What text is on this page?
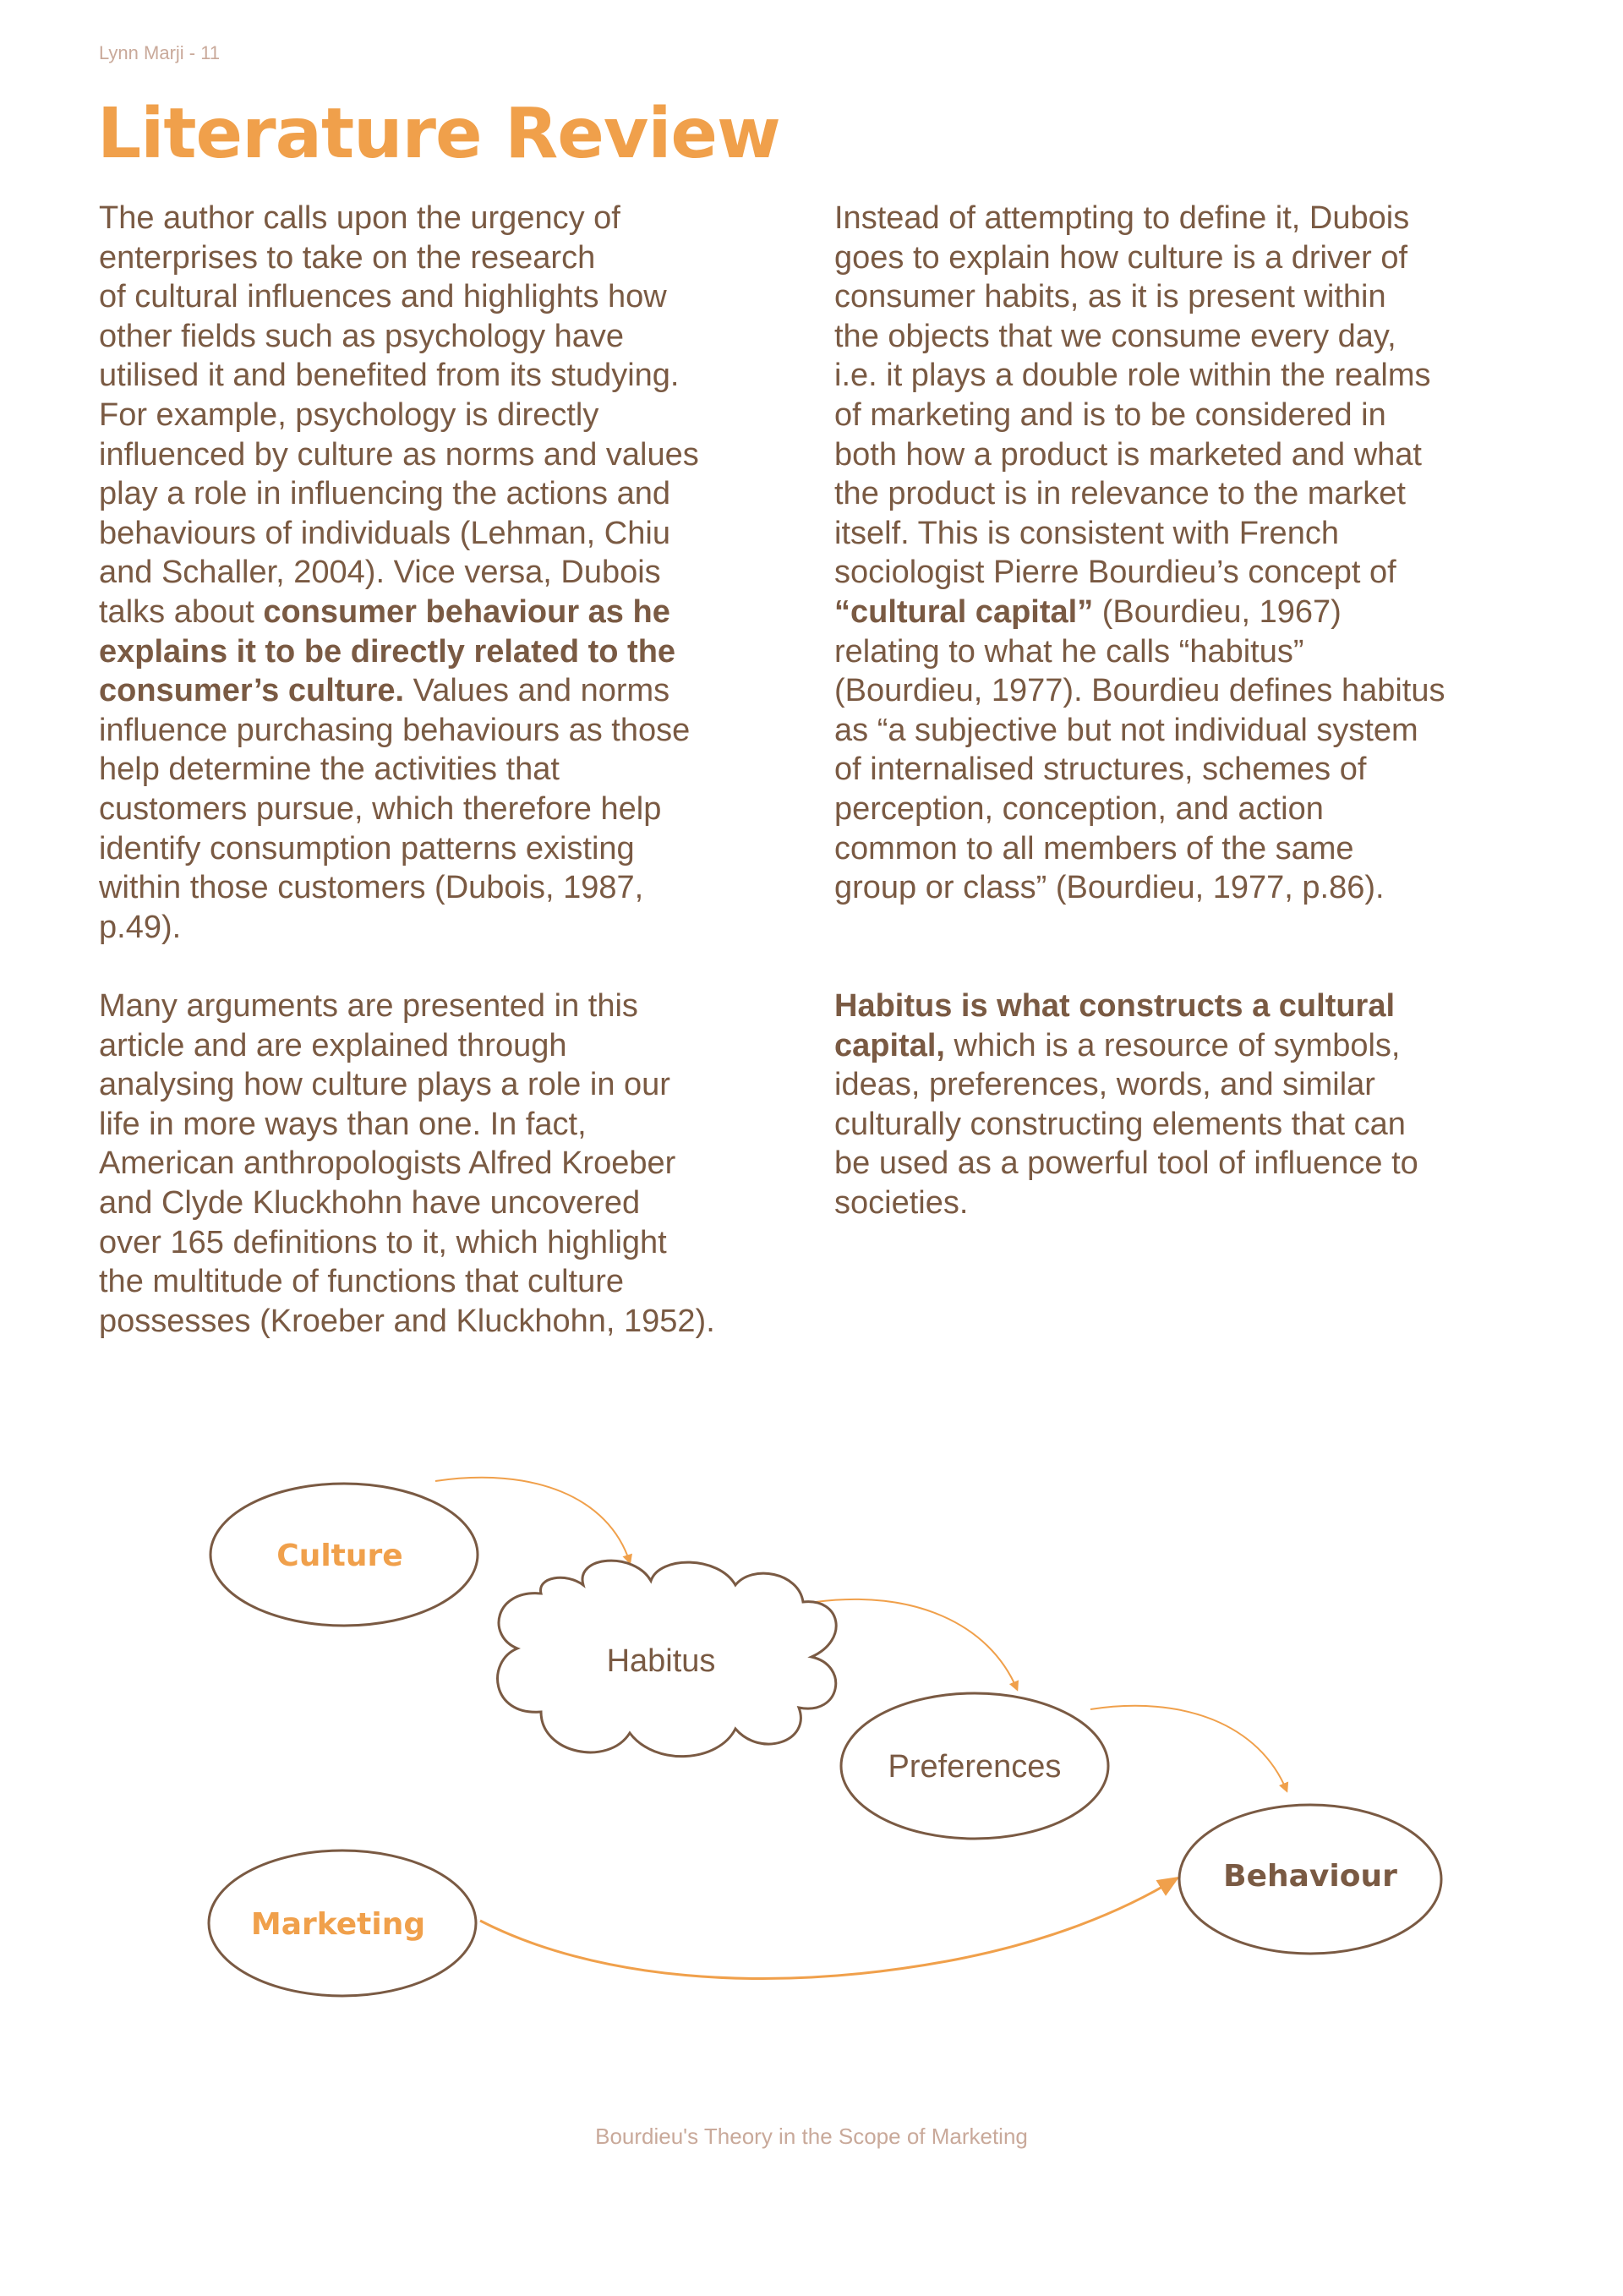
Lynn Marji - 11
Literature Review

The author calls upon the urgency of
enterprises to take on the research
of cultural influences and highlights how
other fields such as psychology have
utilised it and benefited from its studying.
For example, psychology is directly
influenced by culture as norms and values
play a role in influencing the actions and
behaviours of individuals (Lehman, Chiu
and Schaller, 2004). Vice versa, Dubois
talks about consumer behaviour as he
explains it to be directly related to the
consumer’s culture. Values and norms
influence purchasing behaviours as those
help determine the activities that
customers pursue, which therefore help
identify consumption patterns existing
within those customers (Dubois, 1987,
p.49).

Many arguments are presented in this
article and are explained through
analysing how culture plays a role in our
life in more ways than one. In fact,
American anthropologists Alfred Kroeber
and Clyde Kluckhohn have uncovered
over 165 definitions to it, which highlight
the multitude of functions that culture
possesses (Kroeber and Kluckhohn, 1952).

Instead of attempting to define it, Dubois
goes to explain how culture is a driver of
consumer habits, as it is present within
the objects that we consume every day,
i.e. it plays a double role within the realms
of marketing and is to be considered in
both how a product is marketed and what
the product is in relevance to the market
itself. This is consistent with French
sociologist Pierre Bourdieu’s concept of
“cultural capital” (Bourdieu, 1967)
relating to what he calls “habitus”
(Bourdieu, 1977). Bourdieu defines habitus
as “a subjective but not individual system
of internalised structures, schemes of
perception, conception, and action
common to all members of the same
group or class” (Bourdieu, 1977, p.86).

Habitus is what constructs a cultural
capital, which is a resource of symbols,
ideas, preferences, words, and similar
culturally constructing elements that can
be used as a powerful tool of influence to
societies.

Culture
Habitus
Preferences
Behaviour
Marketing
Bourdieu's Theory in the Scope of Marketing
